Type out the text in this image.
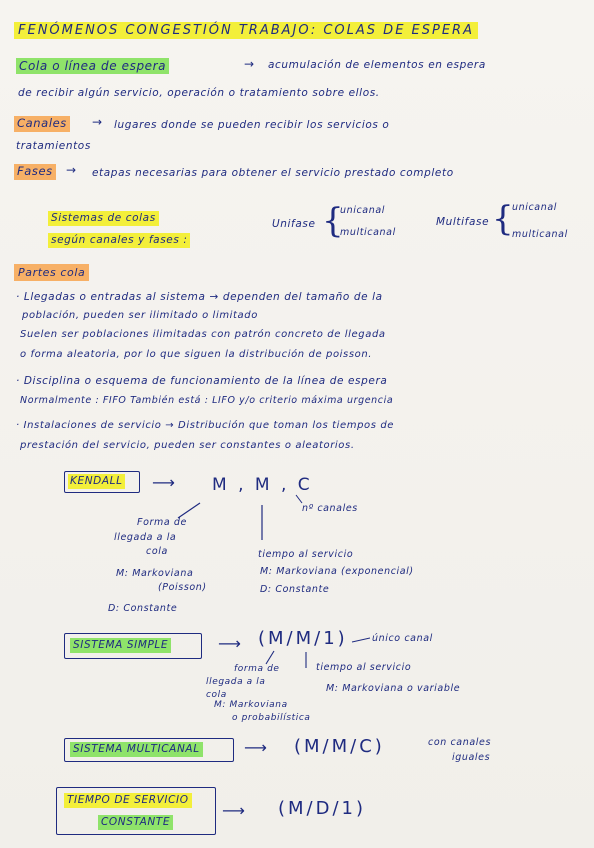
FENÓMENOS CONGESTIÓN TRABAJO: COLAS DE ESPERA
Cola o línea de espera	→ acumulación de elementos en espera
de recibir algún servicio, operación o tratamiento sobre ellos.
Canales → lugares donde se pueden recibir los servicios o
tratamientos
Fases → etapas necesarias para obtener el servicio prestado completo
Sistemas de colas
según canales y fases :
Unifase {
unicanal
multicanal
Multifase {
unicanal
multicanal
Partes cola
· Llegadas o entradas al sistema → dependen del tamaño de la
población, pueden ser ilimitado o limitado
Suelen ser poblaciones ilimitadas con patrón concreto de llegada
o forma aleatoria, por lo que siguen la distribución de poisson.
· Disciplina o esquema de funcionamiento de la línea de espera
Normalmente : FIFO También está : LIFO y/o criterio máxima urgencia
· Instalaciones de servicio → Distribución que toman los tiempos de
prestación del servicio, pueden ser constantes o aleatorios.
KENDALL ⟶ M , M , C
nº canales
Forma de
llegada a la
cola
M: Markoviana
(Poisson)
D: Constante
tiempo al servicio
M: Markoviana (exponencial)
D: Constante
SISTEMA SIMPLE	⟶ (M/M/1)	único canal
tiempo al servicio
M: Markoviana o variable
forma de
llegada a la
cola
M: Markoviana
o probabilística
SISTEMA MULTICANAL	⟶ (M/M/C)	con canales
iguales
TIEMPO DE SERVICIO
CONSTANTE
⟶ (M/D/1)
